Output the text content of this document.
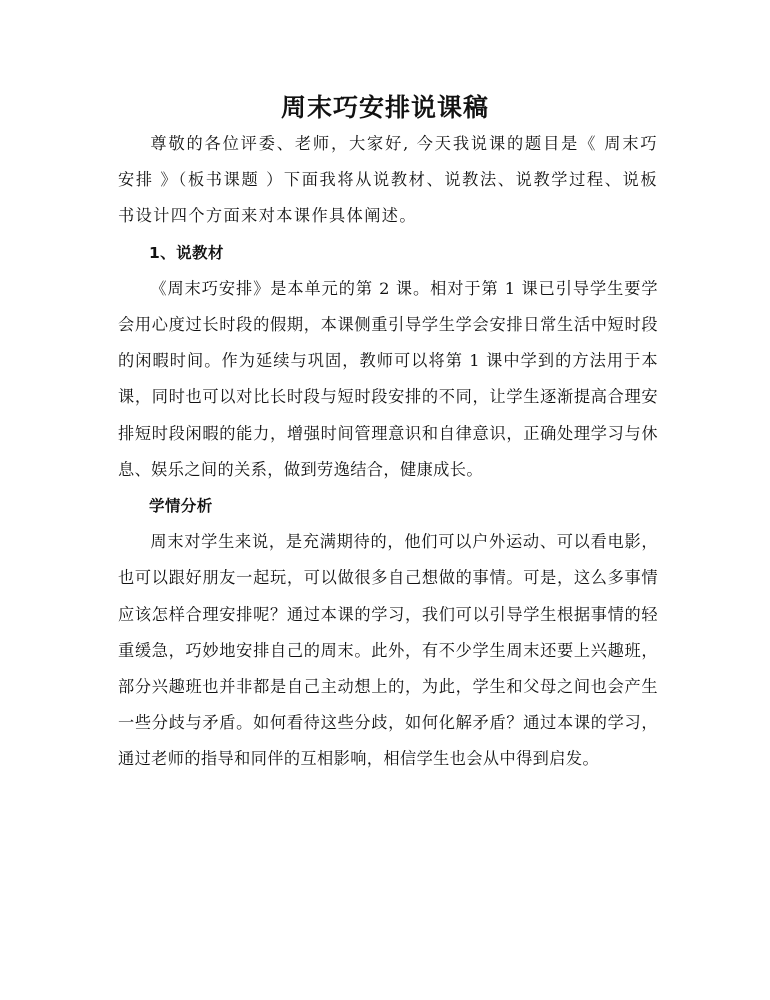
周末巧安排说课稿

尊敬的各位评委、老师，大家好, 今天我说课的题目是《 周末巧安排 》（板书课题 ）下面我将从说教材、说教法、说教学过程、说板书设计四个方面来对本课作具体阐述。

1、说教材

《周末巧安排》是本单元的第 2 课。相对于第 1 课已引导学生要学会用心度过长时段的假期，本课侧重引导学生学会安排日常生活中短时段的闲暇时间。作为延续与巩固，教师可以将第 1 课中学到的方法用于本课，同时也可以对比长时段与短时段安排的不同，让学生逐渐提高合理安排短时段闲暇的能力，增强时间管理意识和自律意识，正确处理学习与休息、娱乐之间的关系，做到劳逸结合，健康成长。

学情分析

周末对学生来说，是充满期待的，他们可以户外运动、可以看电影，也可以跟好朋友一起玩，可以做很多自己想做的事情。可是，这么多事情应该怎样合理安排呢？通过本课的学习，我们可以引导学生根据事情的轻重缓急，巧妙地安排自己的周末。此外，有不少学生周末还要上兴趣班，部分兴趣班也并非都是自己主动想上的，为此，学生和父母之间也会产生一些分歧与矛盾。如何看待这些分歧，如何化解矛盾？通过本课的学习，通过老师的指导和同伴的互相影响，相信学生也会从中得到启发。
